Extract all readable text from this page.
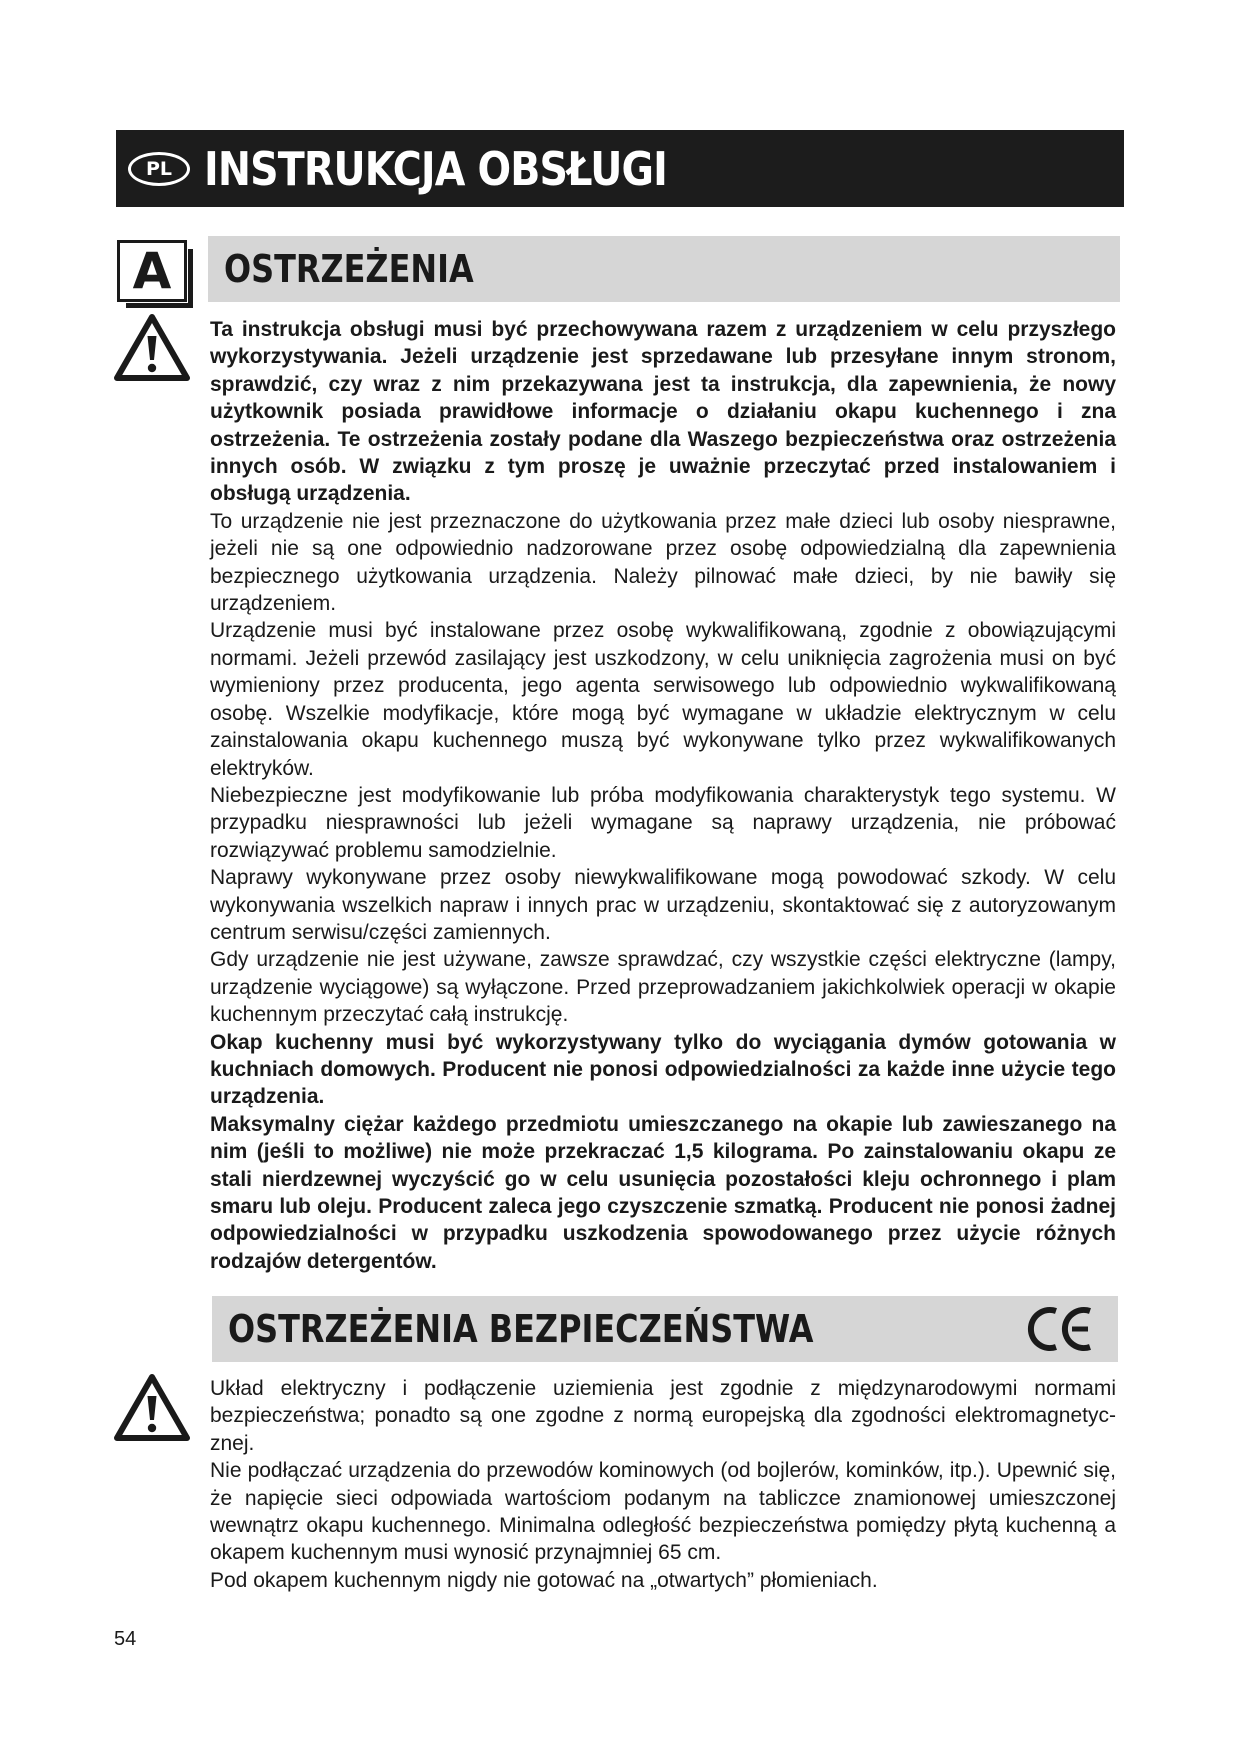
PL INSTRUKCJA OBSŁUGI
A	OSTRZEŻENIA

Ta instrukcja obsługi musi być przechowywana razem z urządzeniem w celu przyszłego wykorzystywania. Jeżeli urządzenie jest sprzedawane lub przesyłane innym stronom, sprawdzić, czy wraz z nim przekazywana jest ta instrukcja, dla zapewnienia, że nowy użytkownik posiada prawidłowe informacje o działaniu okapu kuchennego i zna ostrzeżenia. Te ostrzeżenia zostały podane dla Waszego bezpieczeństwa oraz ostrzeżenia innych osób. W związku z tym proszę je uważnie przeczytać przed instalowaniem i obsługą urządzenia.

To urządzenie nie jest przeznaczone do użytkowania przez małe dzieci lub osoby niesprawne, jeżeli nie są one odpowiednio nadzorowane przez osobę odpowiedzialną dla zapewnienia bezpiecznego użytkowania urządzenia. Należy pilnować małe dzieci, by nie bawiły się urządzeniem.

Urządzenie musi być instalowane przez osobę wykwalifikowaną, zgodnie z obowiązującymi normami. Jeżeli przewód zasilający jest uszkodzony, w celu uniknięcia zagrożenia musi on być wymieniony przez producenta, jego agenta serwisowego lub odpowiednio wykwalifikowaną osobę. Wszelkie modyfikacje, które mogą być wymagane w układzie elektrycznym w celu zainstalowania okapu kuchennego muszą być wykonywane tylko przez wykwalifikowanych elektryków.

Niebezpieczne jest modyfikowanie lub próba modyfikowania charakterystyk tego systemu. W przypadku niesprawności lub jeżeli wymagane są naprawy urządzenia, nie próbować rozwiązywać problemu samodzielnie.

Naprawy wykonywane przez osoby niewykwalifikowane mogą powodować szkody. W celu wykonywania wszelkich napraw i innych prac w urządzeniu, skontaktować się z autoryzowanym centrum serwisu/części zamiennych.

Gdy urządzenie nie jest używane, zawsze sprawdzać, czy wszystkie części elektryczne (lampy, urządzenie wyciągowe) są wyłączone. Przed przeprowadzaniem jakichkolwiek operacji w okapie kuchennym przeczytać całą instrukcję.

Okap kuchenny musi być wykorzystywany tylko do wyciągania dymów gotowania w kuchniach domowych. Producent nie ponosi odpowiedzialności za każde inne użycie tego urządzenia.

Maksymalny ciężar każdego przedmiotu umieszczanego na okapie lub zawieszanego na nim (jeśli to możliwe) nie może przekraczać 1,5 kilograma. Po zainstalowaniu okapu ze stali nierdzewnej wyczyścić go w celu usunięcia pozostałości kleju ochronnego i plam smaru lub oleju. Producent zaleca jego czyszczenie szmatką. Producent nie ponosi żadnej odpowiedzialności w przypadku uszkodzenia spowodowanego przez użycie różnych rodzajów detergentów.

OSTRZEŻENIA BEZPIECZEŃSTWA

Układ elektryczny i podłączenie uziemienia jest zgodnie z międzynarodowymi normami bezpieczeństwa; ponadto są one zgodne z normą europejską dla zgodności elektromagnetyc- znej.

Nie podłączać urządzenia do przewodów kominowych (od bojlerów, kominków, itp.). Upewnić się, że napięcie sieci odpowiada wartościom podanym na tabliczce znamionowej umieszczonej wewnątrz okapu kuchennego. Minimalna odległość bezpieczeństwa pomiędzy płytą kuchenną a okapem kuchennym musi wynosić przynajmniej 65 cm.

Pod okapem kuchennym nigdy nie gotować na „otwartych” płomieniach.

54
